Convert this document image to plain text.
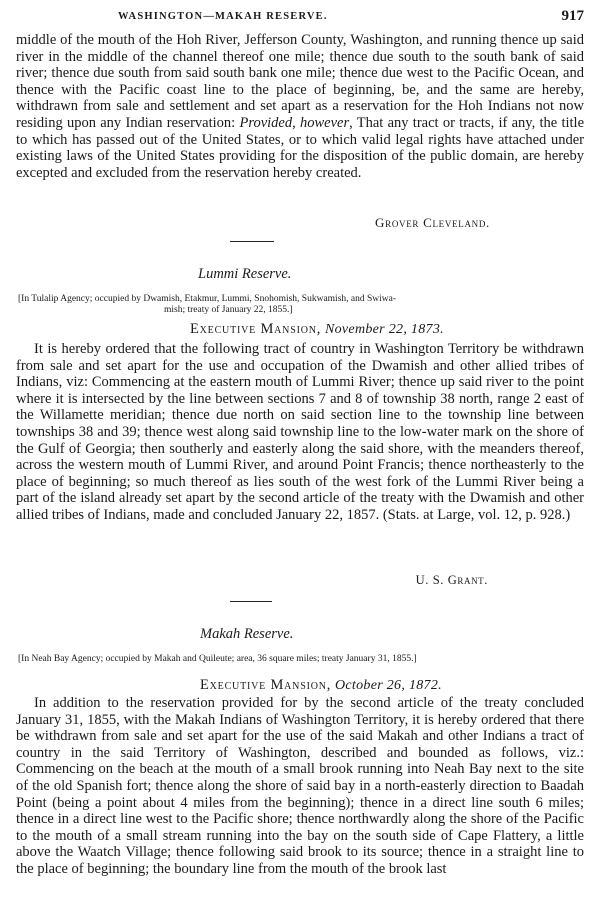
WASHINGTON—MAKAH RESERVE.	917

middle of the mouth of the Hoh River, Jefferson County, Washington, and running thence up said river in the middle of the channel thereof one mile; thence due south to the south bank of said river; thence due south from said south bank one mile; thence due west to the Pacific Ocean, and thence with the Pacific coast line to the place of beginning, be, and the same are hereby, withdrawn from sale and settlement and set apart as a reservation for the Hoh Indians not now residing upon any Indian reservation: Provided, however, That any tract or tracts, if any, the title to which has passed out of the United States, or to which valid legal rights have attached under existing laws of the United States providing for the disposition of the public domain, are hereby excepted and excluded from the reservation hereby created.

Grover Cleveland.
Lummi Reserve.
[In Tulalip Agency; occupied by Dwamish, Etakmur, Lummi, Snohomish, Sukwamish, and Swiwa-
mish; treaty of January 22, 1855.]
Executive Mansion, November 22, 1873.

It is hereby ordered that the following tract of country in Washington Territory be withdrawn from sale and set apart for the use and occupation of the Dwamish and other allied tribes of Indians, viz: Commencing at the eastern mouth of Lummi River; thence up said river to the point where it is intersected by the line between sections 7 and 8 of township 38 north, range 2 east of the Willamette meridian; thence due north on said section line to the township line between townships 38 and 39; thence west along said township line to the low-water mark on the shore of the Gulf of Georgia; then southerly and easterly along the said shore, with the meanders thereof, across the western mouth of Lummi River, and around Point Francis; thence northeasterly to the place of beginning; so much thereof as lies south of the west fork of the Lummi River being a part of the island already set apart by the second article of the treaty with the Dwamish and other allied tribes of Indians, made and concluded January 22, 1857. (Stats. at Large, vol. 12, p. 928.)

U. S. Grant.
Makah Reserve.
[In Neah Bay Agency; occupied by Makah and Quileute; area, 36 square miles; treaty January 31, 1855.]
Executive Mansion, October 26, 1872.

In addition to the reservation provided for by the second article of the treaty concluded January 31, 1855, with the Makah Indians of Washington Territory, it is hereby ordered that there be withdrawn from sale and set apart for the use of the said Makah and other Indians a tract of country in the said Territory of Washington, described and bounded as follows, viz.: Commencing on the beach at the mouth of a small brook running into Neah Bay next to the site of the old Spanish fort; thence along the shore of said bay in a north-easterly direction to Baadah Point (being a point about 4 miles from the beginning); thence in a direct line south 6 miles; thence in a direct line west to the Pacific shore; thence northwardly along the shore of the Pacific to the mouth of a small stream running into the bay on the south side of Cape Flattery, a little above the Waatch Village; thence following said brook to its source; thence in a straight line to the place of beginning; the boundary line from the mouth of the brook last
